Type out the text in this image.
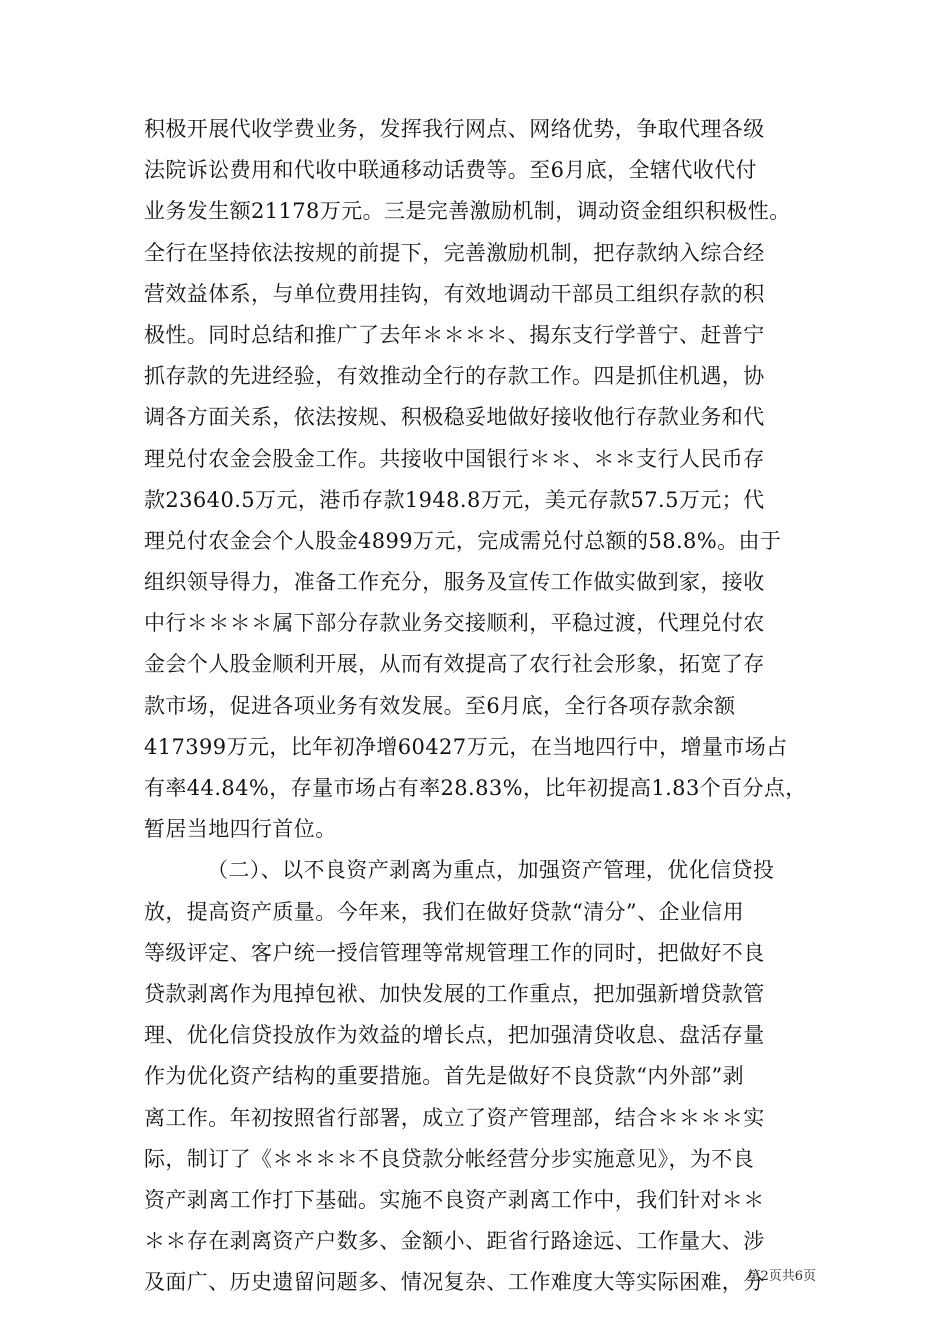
积极开展代收学费业务，发挥我行网点、网络优势，争取代理各级
法院诉讼费用和代收中联通移动话费等。至6月底，全辖代收代付
业务发生额21178万元。三是完善激励机制，调动资金组织积极性。
全行在坚持依法按规的前提下，完善激励机制，把存款纳入综合经
营效益体系，与单位费用挂钩，有效地调动干部员工组织存款的积
极性。同时总结和推广了去年＊＊＊＊、揭东支行学普宁、赶普宁
抓存款的先进经验，有效推动全行的存款工作。四是抓住机遇，协
调各方面关系，依法按规、积极稳妥地做好接收他行存款业务和代
理兑付农金会股金工作。共接收中国银行＊＊、＊＊支行人民币存
款23640.5万元，港币存款1948.8万元，美元存款57.5万元；代
理兑付农金会个人股金4899万元，完成需兑付总额的58.8%。由于
组织领导得力，准备工作充分，服务及宣传工作做实做到家，接收
中行＊＊＊＊属下部分存款业务交接顺利，平稳过渡，代理兑付农
金会个人股金顺利开展，从而有效提高了农行社会形象，拓宽了存
款市场，促进各项业务有效发展。至6月底，全行各项存款余额
417399万元，比年初净增60427万元，在当地四行中，增量市场占
有率44.84%，存量市场占有率28.83%，比年初提高1.83个百分点，
暂居当地四行首位。
（二）、以不良资产剥离为重点，加强资产管理，优化信贷投
放，提高资产质量。今年来，我们在做好贷款“清分”、企业信用
等级评定、客户统一授信管理等常规管理工作的同时，把做好不良
贷款剥离作为甩掉包袱、加快发展的工作重点，把加强新增贷款管
理、优化信贷投放作为效益的增长点，把加强清贷收息、盘活存量
作为优化资产结构的重要措施。首先是做好不良贷款“内外部”剥
离工作。年初按照省行部署，成立了资产管理部，结合＊＊＊＊实
际，制订了《＊＊＊＊不良贷款分帐经营分步实施意见》，为不良
资产剥离工作打下基础。实施不良资产剥离工作中，我们针对＊＊
＊＊存在剥离资产户数多、金额小、距省行路途远、工作量大、涉
及面广、历史遗留问题多、情况复杂、工作难度大等实际困难，分
第2页共6页
